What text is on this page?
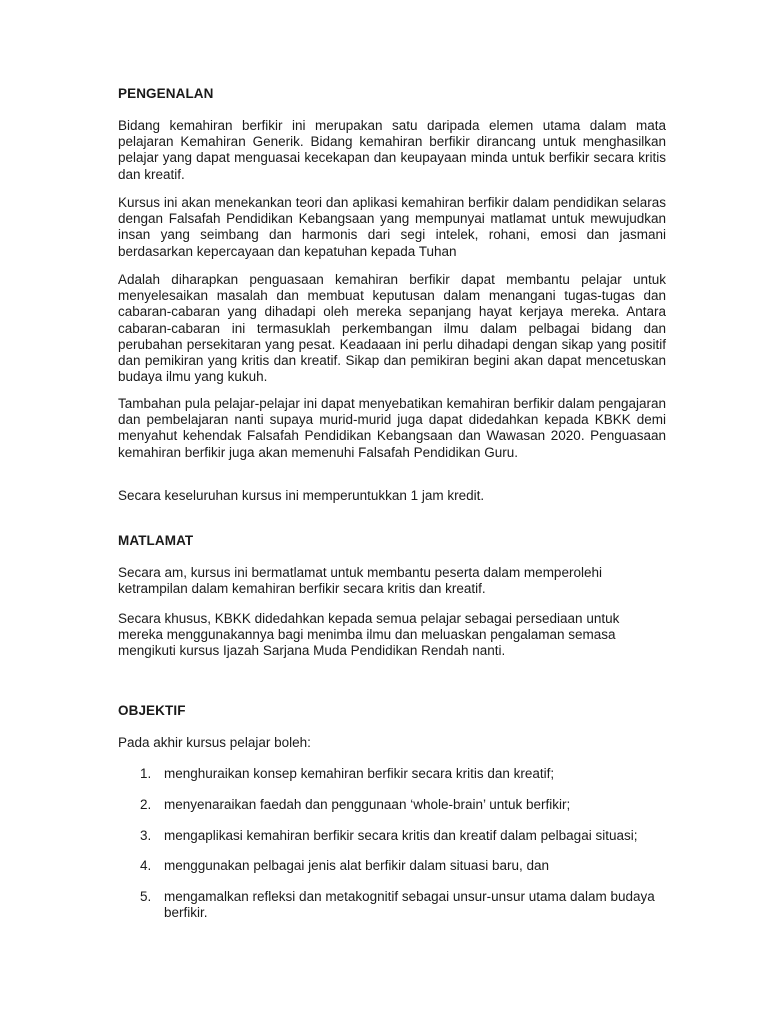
PENGENALAN

Bidang kemahiran berfikir ini merupakan satu daripada elemen utama dalam mata pelajaran Kemahiran Generik. Bidang kemahiran berfikir dirancang untuk menghasilkan pelajar yang dapat menguasai kecekapan dan keupayaan minda untuk berfikir secara kritis dan kreatif.

Kursus ini akan menekankan teori dan aplikasi kemahiran berfikir dalam pendidikan selaras dengan Falsafah Pendidikan Kebangsaan yang mempunyai matlamat untuk mewujudkan insan yang seimbang dan harmonis dari segi intelek, rohani, emosi dan jasmani berdasarkan kepercayaan dan kepatuhan kepada Tuhan

Adalah diharapkan penguasaan kemahiran berfikir dapat membantu pelajar untuk menyelesaikan masalah dan membuat keputusan dalam menangani tugas-tugas dan cabaran-cabaran yang dihadapi oleh mereka sepanjang hayat kerjaya mereka. Antara cabaran-cabaran ini termasuklah perkembangan ilmu dalam pelbagai bidang dan perubahan persekitaran yang pesat. Keadaaan ini perlu dihadapi dengan sikap yang positif dan pemikiran yang kritis dan kreatif. Sikap dan pemikiran begini akan dapat mencetuskan budaya ilmu yang kukuh.

Tambahan pula pelajar-pelajar ini dapat menyebatikan kemahiran berfikir dalam pengajaran dan pembelajaran nanti supaya murid-murid juga dapat didedahkan kepada KBKK demi menyahut kehendak Falsafah Pendidikan Kebangsaan dan Wawasan 2020. Penguasaan kemahiran berfikir juga akan memenuhi Falsafah Pendidikan Guru.

Secara keseluruhan kursus ini memperuntukkan 1 jam kredit.

MATLAMAT

Secara am, kursus ini bermatlamat untuk membantu peserta dalam memperolehi ketrampilan dalam kemahiran berfikir secara kritis dan kreatif.

Secara khusus, KBKK didedahkan kepada semua pelajar sebagai persediaan untuk mereka menggunakannya bagi menimba ilmu dan meluaskan pengalaman semasa mengikuti kursus Ijazah Sarjana Muda Pendidikan Rendah nanti.

OBJEKTIF

Pada akhir kursus pelajar boleh:

1. menghuraikan konsep kemahiran berfikir secara kritis dan kreatif;
2. menyenaraikan faedah dan penggunaan ‘whole-brain’ untuk berfikir;
3. mengaplikasi kemahiran berfikir secara kritis dan kreatif dalam pelbagai situasi;
4. menggunakan pelbagai jenis alat berfikir dalam situasi baru, dan
5. mengamalkan refleksi dan metakognitif sebagai unsur-unsur utama dalam budaya berfikir.
